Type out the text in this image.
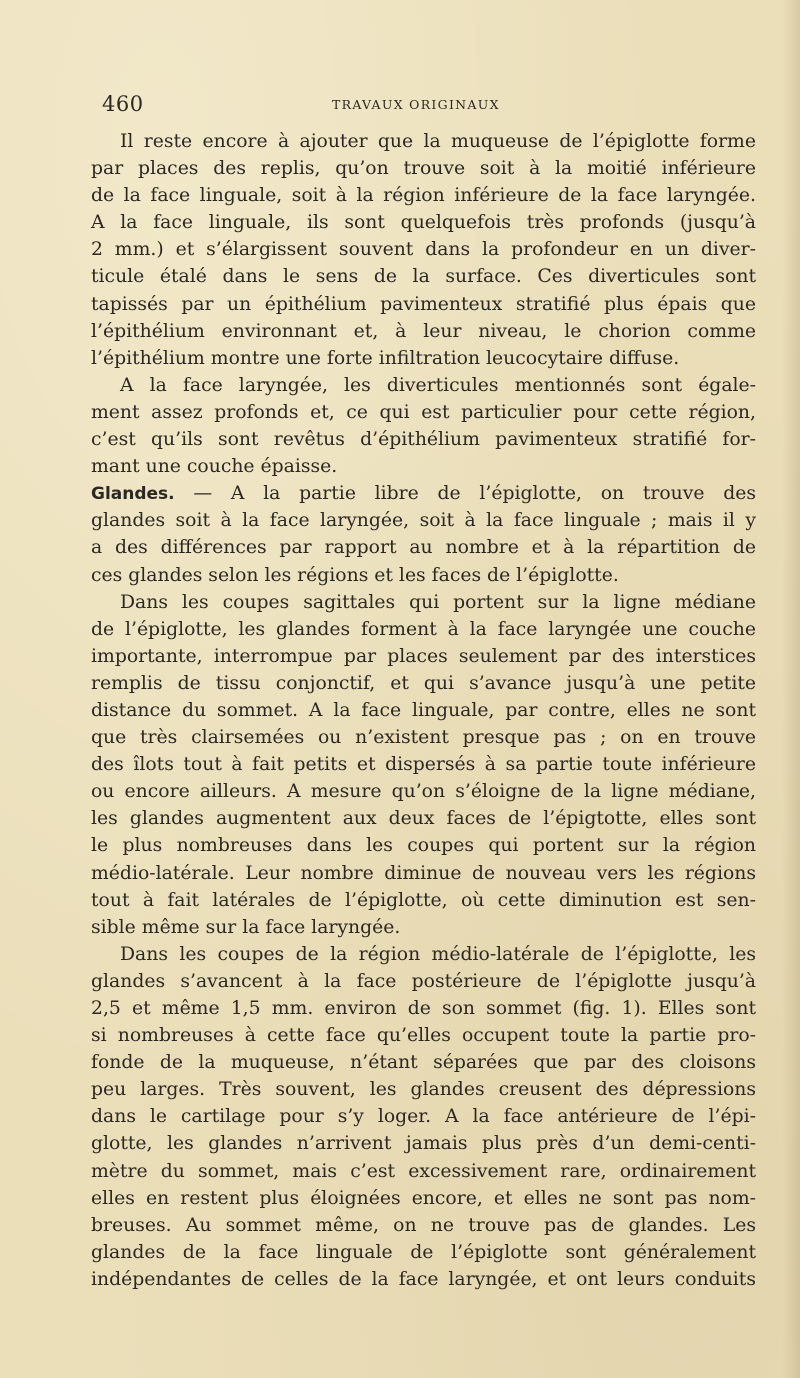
460	TRAVAUX ORIGINAUX
Il reste encore à ajouter que la muqueuse de l’épiglotte forme
par places des replis, qu’on trouve soit à la moitié inférieure
de la face linguale, soit à la région inférieure de la face laryngée.
A la face linguale, ils sont quelquefois très profonds (jusqu’à
2 mm.) et s’élargissent souvent dans la profondeur en un diver-
ticule étalé dans le sens de la surface. Ces diverticules sont
tapissés par un épithélium pavimenteux stratifié plus épais que
l’épithélium environnant et, à leur niveau, le chorion comme
l’épithélium montre une forte infiltration leucocytaire diffuse.
A la face laryngée, les diverticules mentionnés sont égale-
ment assez profonds et, ce qui est particulier pour cette région,
c’est qu’ils sont revêtus d’épithélium pavimenteux stratifié for-
mant une couche épaisse.
Glandes. — A la partie libre de l’épiglotte, on trouve des
glandes soit à la face laryngée, soit à la face linguale ; mais il y
a des différences par rapport au nombre et à la répartition de
ces glandes selon les régions et les faces de l’épiglotte.
Dans les coupes sagittales qui portent sur la ligne médiane
de l’épiglotte, les glandes forment à la face laryngée une couche
importante, interrompue par places seulement par des interstices
remplis de tissu conjonctif, et qui s’avance jusqu’à une petite
distance du sommet. A la face linguale, par contre, elles ne sont
que très clairsemées ou n’existent presque pas ; on en trouve
des îlots tout à fait petits et dispersés à sa partie toute inférieure
ou encore ailleurs. A mesure qu’on s’éloigne de la ligne médiane,
les glandes augmentent aux deux faces de l’épigtotte, elles sont
le plus nombreuses dans les coupes qui portent sur la région
médio-latérale. Leur nombre diminue de nouveau vers les régions
tout à fait latérales de l’épiglotte, où cette diminution est sen-
sible même sur la face laryngée.
Dans les coupes de la région médio-latérale de l’épiglotte, les
glandes s’avancent à la face postérieure de l’épiglotte jusqu’à
2,5 et même 1,5 mm. environ de son sommet (fig. 1). Elles sont
si nombreuses à cette face qu’elles occupent toute la partie pro-
fonde de la muqueuse, n’étant séparées que par des cloisons
peu larges. Très souvent, les glandes creusent des dépressions
dans le cartilage pour s’y loger. A la face antérieure de l’épi-
glotte, les glandes n’arrivent jamais plus près d’un demi-centi-
mètre du sommet, mais c’est excessivement rare, ordinairement
elles en restent plus éloignées encore, et elles ne sont pas nom-
breuses. Au sommet même, on ne trouve pas de glandes. Les
glandes de la face linguale de l’épiglotte sont généralement
indépendantes de celles de la face laryngée, et ont leurs conduits
